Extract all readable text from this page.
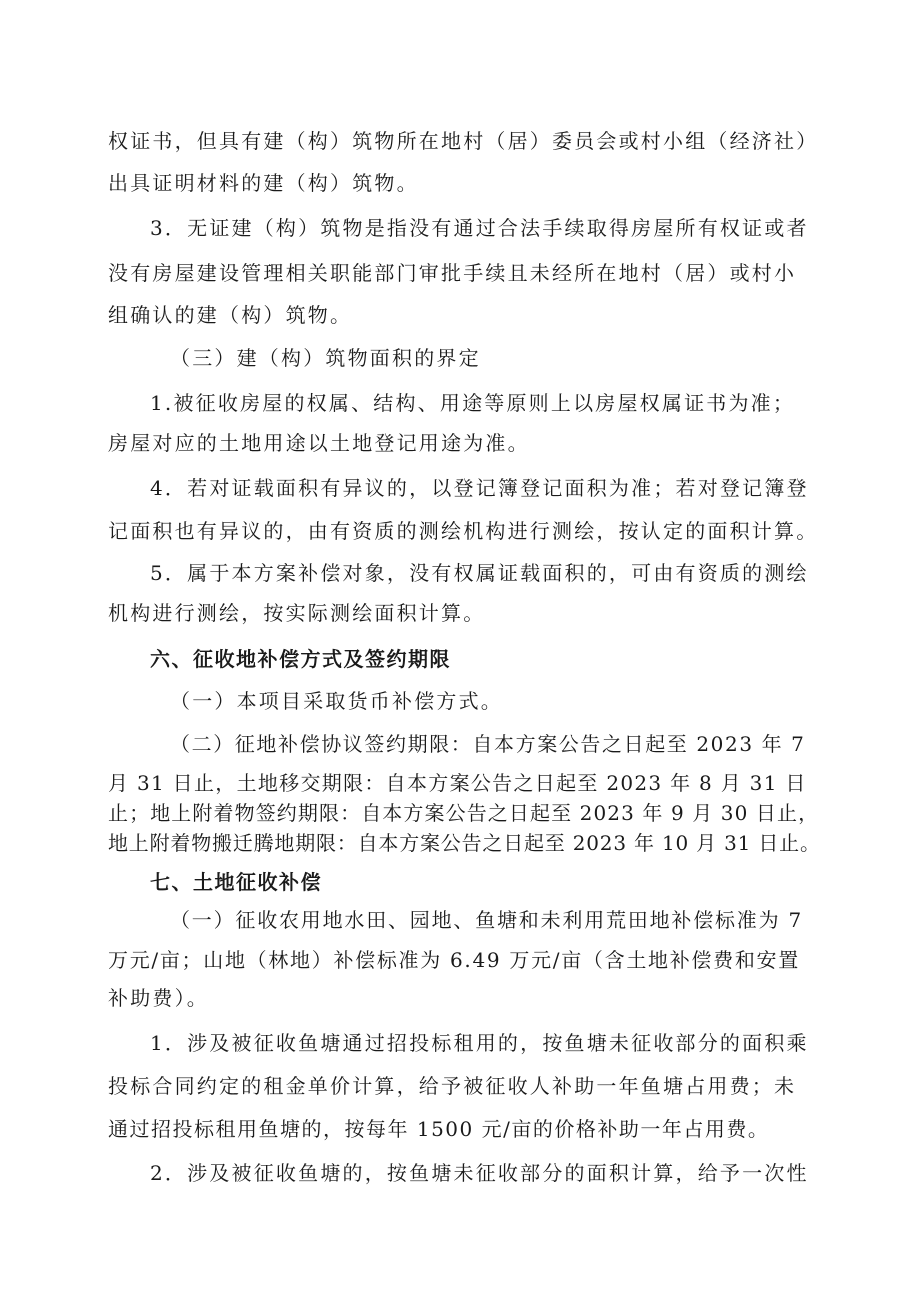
权证书，但具有建（构）筑物所在地村（居）委员会或村小组（经济社）
出具证明材料的建（构）筑物。
3．无证建（构）筑物是指没有通过合法手续取得房屋所有权证或者
没有房屋建设管理相关职能部门审批手续且未经所在地村（居）或村小
组确认的建（构）筑物。
（三）建（构）筑物面积的界定
1.被征收房屋的权属、结构、用途等原则上以房屋权属证书为准；
房屋对应的土地用途以土地登记用途为准。
4．若对证载面积有异议的，以登记簿登记面积为准；若对登记簿登
记面积也有异议的，由有资质的测绘机构进行测绘，按认定的面积计算。
5．属于本方案补偿对象，没有权属证载面积的，可由有资质的测绘
机构进行测绘，按实际测绘面积计算。
六、征收地补偿方式及签约期限
（一）本项目采取货币补偿方式。
（二）征地补偿协议签约期限：自本方案公告之日起至 2023 年 7
月 31 日止，土地移交期限：自本方案公告之日起至 2023 年 8 月 31 日
止；地上附着物签约期限：自本方案公告之日起至 2023 年 9 月 30 日止，
地上附着物搬迁腾地期限：自本方案公告之日起至 2023 年 10 月 31 日止。
七、土地征收补偿
（一）征收农用地水田、园地、鱼塘和未利用荒田地补偿标准为 7
万元/亩；山地（林地）补偿标准为 6.49 万元/亩（含土地补偿费和安置
补助费）。
1．涉及被征收鱼塘通过招投标租用的，按鱼塘未征收部分的面积乘
投标合同约定的租金单价计算，给予被征收人补助一年鱼塘占用费；未
通过招投标租用鱼塘的，按每年 1500 元/亩的价格补助一年占用费。
2．涉及被征收鱼塘的，按鱼塘未征收部分的面积计算，给予一次性
